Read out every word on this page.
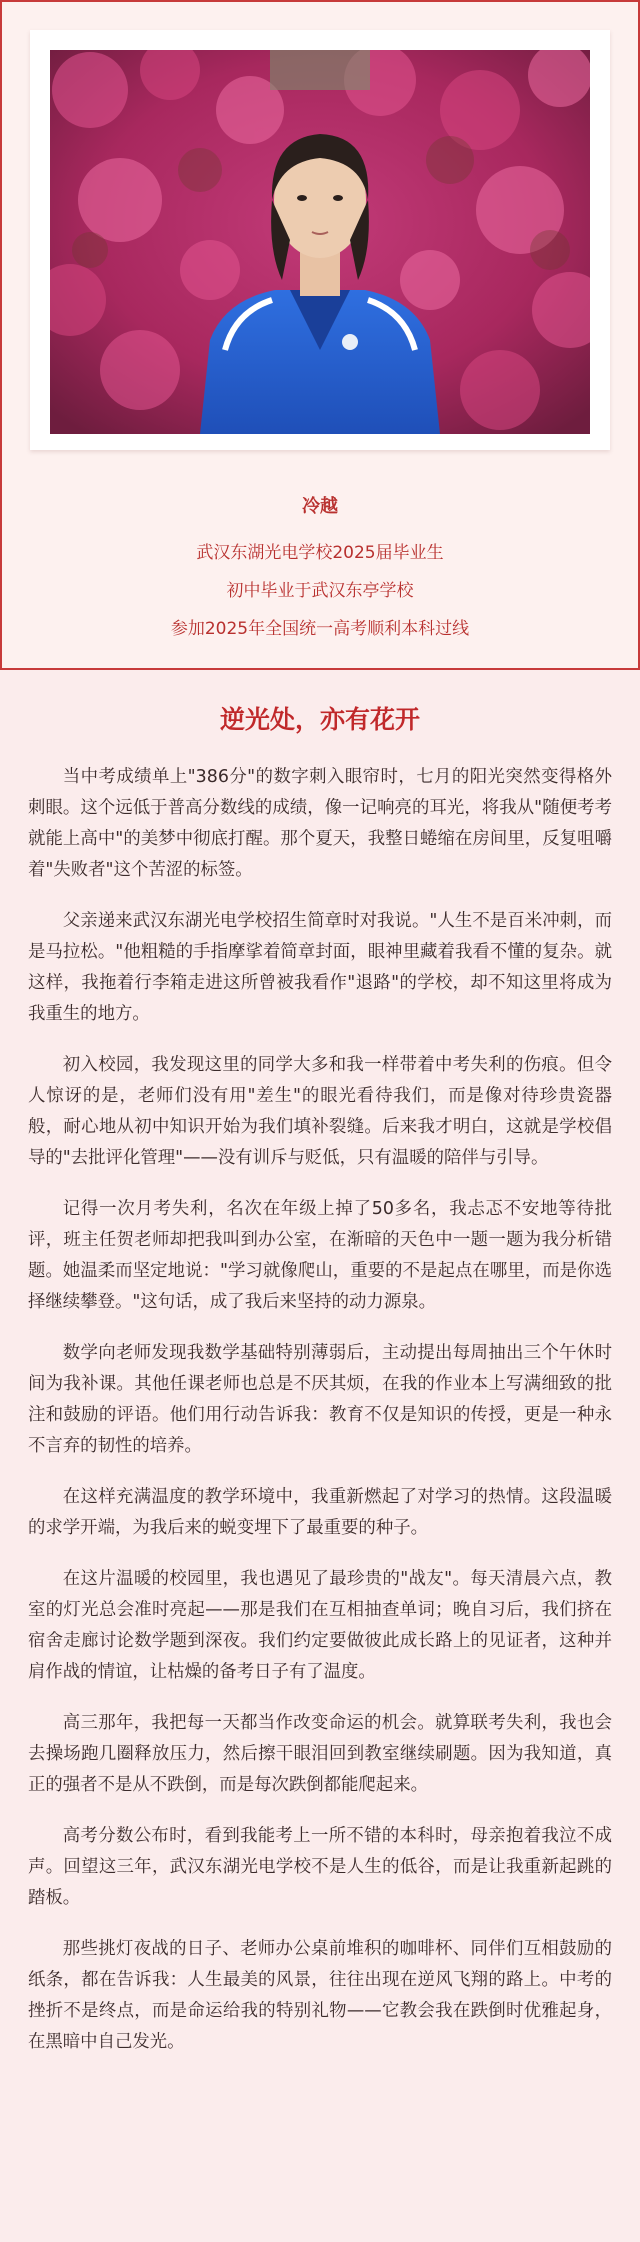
冷越
武汉东湖光电学校2025届毕业生
初中毕业于武汉东亭学校
参加2025年全国统一高考顺利本科过线
逆光处，亦有花开

当中考成绩单上"386分"的数字刺入眼帘时，七月的阳光突然变得格外刺眼。这个远低于普高分数线的成绩，像一记响亮的耳光，将我从"随便考考就能上高中"的美梦中彻底打醒。那个夏天，我整日蜷缩在房间里，反复咀嚼着"失败者"这个苦涩的标签。

父亲递来武汉东湖光电学校招生简章时对我说。"人生不是百米冲刺，而是马拉松。"他粗糙的手指摩挲着简章封面，眼神里藏着我看不懂的复杂。就这样，我拖着行李箱走进这所曾被我看作"退路"的学校，却不知这里将成为我重生的地方。

初入校园，我发现这里的同学大多和我一样带着中考失利的伤痕。但令人惊讶的是，老师们没有用"差生"的眼光看待我们，而是像对待珍贵瓷器般，耐心地从初中知识开始为我们填补裂缝。后来我才明白，这就是学校倡导的"去批评化管理"——没有训斥与贬低，只有温暖的陪伴与引导。

记得一次月考失利，名次在年级上掉了50多名，我忐忑不安地等待批评，班主任贺老师却把我叫到办公室，在渐暗的天色中一题一题为我分析错题。她温柔而坚定地说："学习就像爬山，重要的不是起点在哪里，而是你选择继续攀登。"这句话，成了我后来坚持的动力源泉。

数学向老师发现我数学基础特别薄弱后，主动提出每周抽出三个午休时间为我补课。其他任课老师也总是不厌其烦，在我的作业本上写满细致的批注和鼓励的评语。他们用行动告诉我：教育不仅是知识的传授，更是一种永不言弃的韧性的培养。

在这样充满温度的教学环境中，我重新燃起了对学习的热情。这段温暖的求学开端，为我后来的蜕变埋下了最重要的种子。

在这片温暖的校园里，我也遇见了最珍贵的"战友"。每天清晨六点，教室的灯光总会准时亮起——那是我们在互相抽查单词；晚自习后，我们挤在宿舍走廊讨论数学题到深夜。我们约定要做彼此成长路上的见证者，这种并肩作战的情谊，让枯燥的备考日子有了温度。

高三那年，我把每一天都当作改变命运的机会。就算联考失利，我也会去操场跑几圈释放压力，然后擦干眼泪回到教室继续刷题。因为我知道，真正的强者不是从不跌倒，而是每次跌倒都能爬起来。

高考分数公布时，看到我能考上一所不错的本科时，母亲抱着我泣不成声。回望这三年，武汉东湖光电学校不是人生的低谷，而是让我重新起跳的踏板。

那些挑灯夜战的日子、老师办公桌前堆积的咖啡杯、同伴们互相鼓励的纸条，都在告诉我：人生最美的风景，往往出现在逆风飞翔的路上。中考的挫折不是终点，而是命运给我的特别礼物——它教会我在跌倒时优雅起身，在黑暗中自己发光。
